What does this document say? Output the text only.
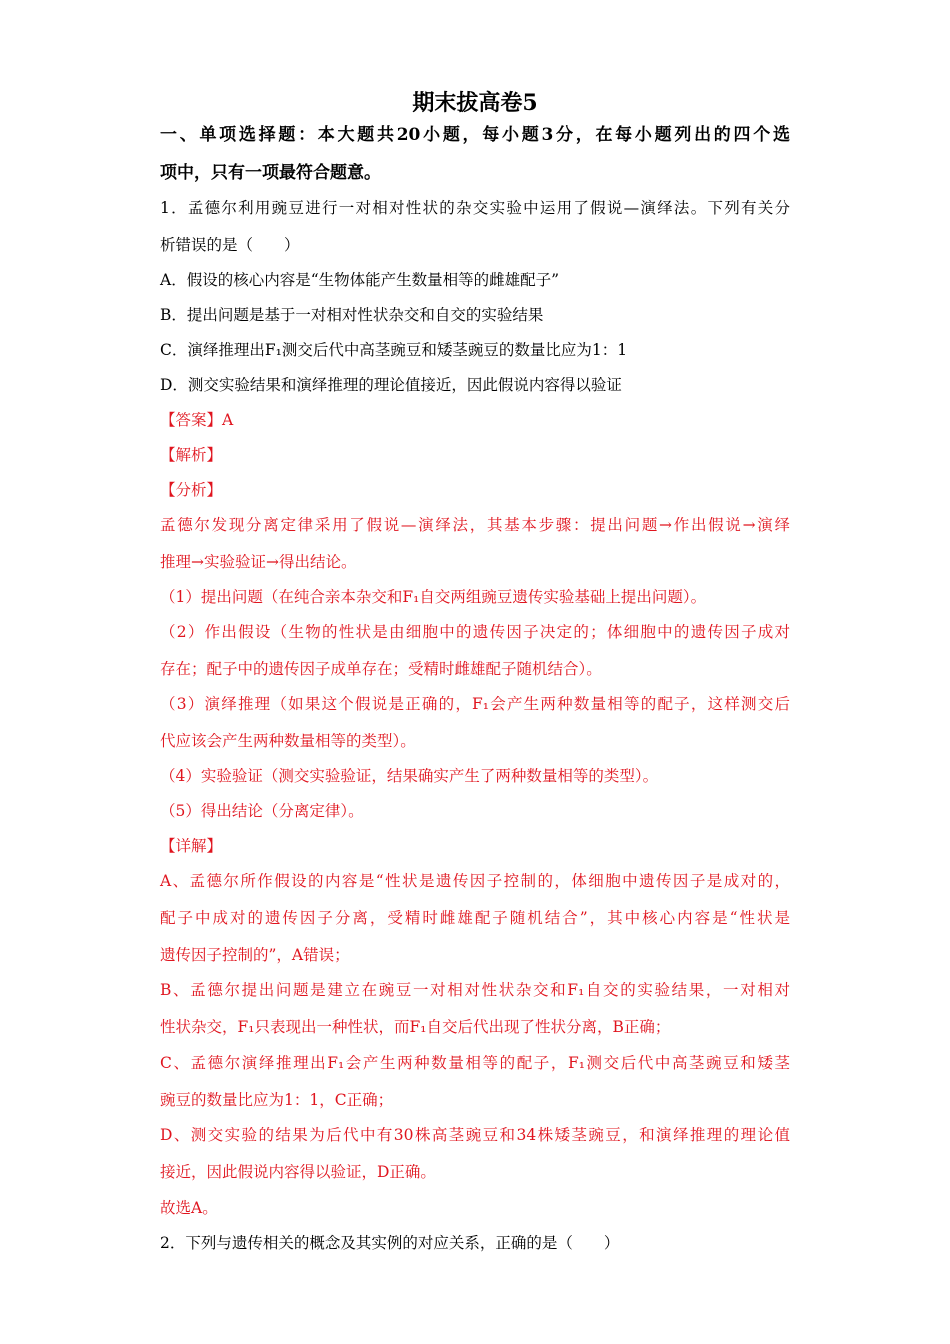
期末拔高卷5
一、单项选择题：本大题共20小题，每小题3分，在每小题列出的四个选
项中，只有一项最符合题意。
1．孟德尔利用豌豆进行一对相对性状的杂交实验中运用了假说—演绎法。下列有关分
析错误的是（　　）
A．假设的核心内容是“生物体能产生数量相等的雌雄配子”
B．提出问题是基于一对相对性状杂交和自交的实验结果
C．演绎推理出F₁测交后代中高茎豌豆和矮茎豌豆的数量比应为1：1
D．测交实验结果和演绎推理的理论值接近，因此假说内容得以验证
【答案】A
【解析】
【分析】
孟德尔发现分离定律采用了假说—演绎法，其基本步骤：提出问题→作出假说→演绎
推理→实验验证→得出结论。
（1）提出问题（在纯合亲本杂交和F₁自交两组豌豆遗传实验基础上提出问题）。
（2）作出假设（生物的性状是由细胞中的遗传因子决定的；体细胞中的遗传因子成对
存在；配子中的遗传因子成单存在；受精时雌雄配子随机结合）。
（3）演绎推理（如果这个假说是正确的，F₁会产生两种数量相等的配子，这样测交后
代应该会产生两种数量相等的类型）。
（4）实验验证（测交实验验证，结果确实产生了两种数量相等的类型）。
（5）得出结论（分离定律）。
【详解】
A、孟德尔所作假设的内容是“性状是遗传因子控制的，体细胞中遗传因子是成对的，
配子中成对的遗传因子分离，受精时雌雄配子随机结合”，其中核心内容是“性状是
遗传因子控制的”，A错误；
B、孟德尔提出问题是建立在豌豆一对相对性状杂交和F₁自交的实验结果，一对相对
性状杂交，F₁只表现出一种性状，而F₁自交后代出现了性状分离，B正确；
C、孟德尔演绎推理出F₁会产生两种数量相等的配子，F₁测交后代中高茎豌豆和矮茎
豌豆的数量比应为1：1，C正确；
D、测交实验的结果为后代中有30株高茎豌豆和34株矮茎豌豆，和演绎推理的理论值
接近，因此假说内容得以验证，D正确。
故选A。
2．下列与遗传相关的概念及其实例的对应关系，正确的是（　　）
